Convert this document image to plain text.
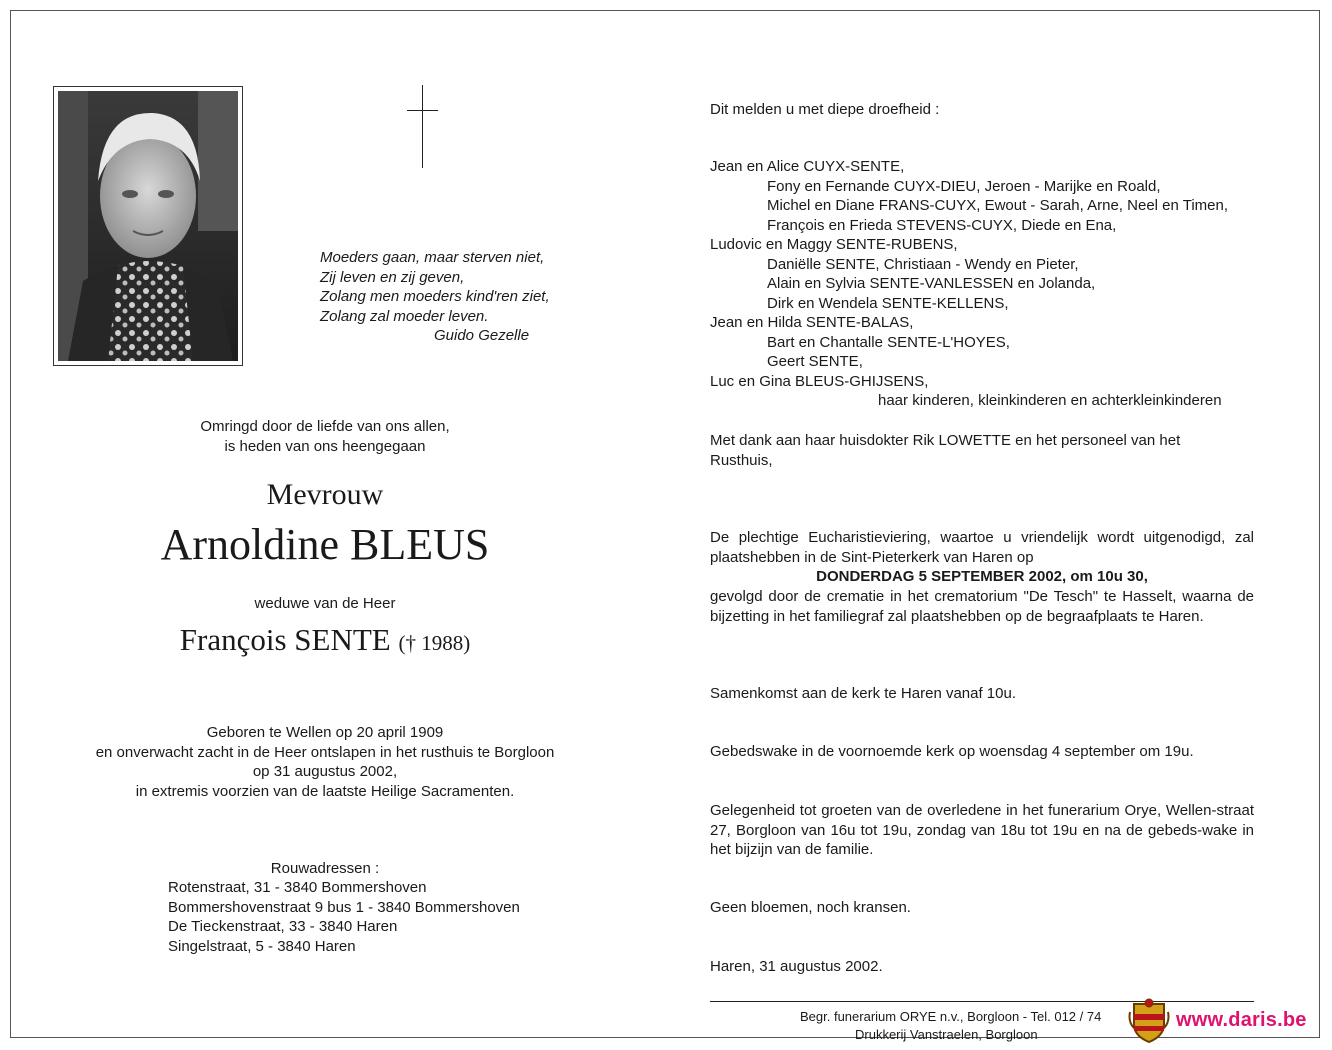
Moeders gaan, maar sterven niet,
Zij leven en zij geven,
Zolang men moeders kind'ren ziet,
Zolang zal moeder leven.
Guido Gezelle
Omringd door de liefde van ons allen,
is heden van ons heengegaan
Mevrouw
Arnoldine BLEUS
weduwe van de Heer
François SENTE († 1988)
Geboren te Wellen op 20 april 1909
en onverwacht zacht in de Heer ontslapen in het rusthuis te Borgloon
op 31 augustus 2002,
in extremis voorzien van de laatste Heilige Sacramenten.
Rouwadressen :
Rotenstraat, 31 - 3840 Bommershoven
Bommershovenstraat 9 bus 1 - 3840 Bommershoven
De Tieckenstraat, 33 - 3840 Haren
Singelstraat, 5 - 3840 Haren
Dit melden u met diepe droefheid :
Jean en Alice CUYX-SENTE,
Fony en Fernande CUYX-DIEU, Jeroen - Marijke en Roald,
Michel en Diane FRANS-CUYX, Ewout - Sarah, Arne, Neel en Timen,
François en Frieda STEVENS-CUYX, Diede en Ena,
Ludovic en Maggy SENTE-RUBENS,
Daniëlle SENTE, Christiaan - Wendy en Pieter,
Alain en Sylvia SENTE-VANLESSEN en Jolanda,
Dirk en Wendela SENTE-KELLENS,
Jean en Hilda SENTE-BALAS,
Bart en Chantalle SENTE-L'HOYES,
Geert SENTE,
Luc en Gina BLEUS-GHIJSENS,
haar kinderen, kleinkinderen en achterkleinkinderen
Met dank aan haar huisdokter Rik LOWETTE en het personeel van het Rusthuis,
De plechtige Eucharistieviering, waartoe u vriendelijk wordt uitgenodigd, zal plaatshebben in de Sint-Pieterkerk van Haren op
DONDERDAG 5 SEPTEMBER 2002, om 10u 30,
gevolgd door de crematie in het crematorium "De Tesch" te Hasselt, waarna de bijzetting in het familiegraf zal plaatshebben op de begraafplaats te Haren.
Samenkomst aan de kerk te Haren vanaf 10u.
Gebedswake in de voornoemde kerk op woensdag 4 september om 19u.
Gelegenheid tot groeten van de overledene in het funerarium Orye, Wellen-straat 27, Borgloon van 16u tot 19u, zondag van 18u tot 19u en na de gebeds-wake in het bijzijn van de familie.
Geen bloemen, noch kransen.
Haren, 31 augustus 2002.
Begr. funerarium ORYE n.v., Borgloon - Tel. 012 / 74
Drukkerij Vanstraelen, Borgloon
www.daris.be
